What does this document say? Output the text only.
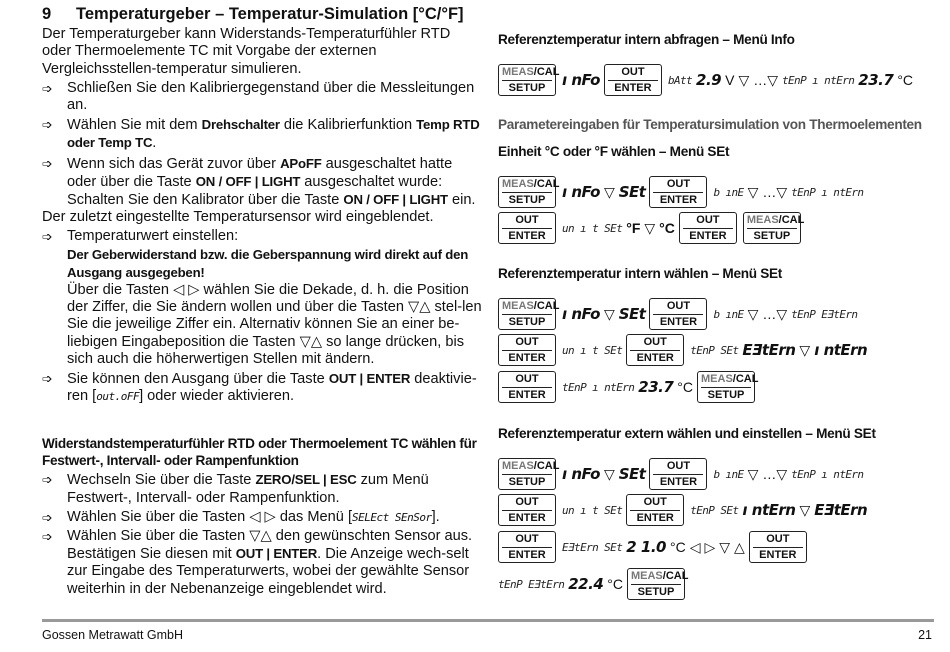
9 Temperaturgeber – Temperatur-Simulation [°C/°F]
Der Temperaturgeber kann Widerstands-Temperaturfühler RTD oder Thermoelemente TC mit Vorgabe der externen Vergleichsstellen-temperatur simulieren.
➩ Schließen Sie den Kalibriergegenstand über die Messleitungen an.
➩ Wählen Sie mit dem Drehschalter die Kalibrierfunktion Temp RTD oder Temp TC.
➩ Wenn sich das Gerät zuvor über APoFF ausgeschaltet hatte oder über die Taste ON / OFF | LIGHT ausgeschaltet wurde: Schalten Sie den Kalibrator über die Taste ON / OFF | LIGHT ein.
Der zuletzt eingestellte Temperatursensor wird eingeblendet.
➩ Temperaturwert einstellen:
Der Geberwiderstand bzw. die Geberspannung wird direkt auf den Ausgang ausgegeben!
Über die Tasten ◁ ▷ wählen Sie die Dekade, d. h. die Position der Ziffer, die Sie ändern wollen und über die Tasten ▽△ stel-len Sie die jeweilige Ziffer ein. Alternativ können Sie an einer be-liebigen Eingabeposition die Tasten ▽△ so lange drücken, bis sich auch die höherwertigen Stellen mit ändern.
➩ Sie können den Ausgang über die Taste OUT | ENTER deaktivie-ren [out.oFF] oder wieder aktivieren.
Widerstandstemperaturfühler RTD oder Thermoelement TC wählen für Festwert-, Intervall- oder Rampenfunktion
➩ Wechseln Sie über die Taste ZERO/SEL | ESC zum Menü Festwert-, Intervall- oder Rampenfunktion.
➩ Wählen Sie über die Tasten ◁ ▷ das Menü [SELEct SEnSor].
➩ Wählen Sie über die Tasten ▽△ den gewünschten Sensor aus. Bestätigen Sie diesen mit OUT | ENTER. Die Anzeige wech-selt zur Eingabe des Temperaturwerts, wobei der gewählte Sensor weiterhin in der Nebenanzeige eingeblendet wird.
Referenztemperatur intern abfragen – Menü Info
MEAS/CAL
SETUP	ı nFo	OUT
ENTER
bAtt 2.9 V ▽ …▽ tEnP ı ntErn 23.7 °C
Parametereingaben für Temperatursimulation von Thermoelementen
Einheit °C oder °F wählen – Menü SEt
MEAS/CAL
SETUP	ı nFo ▽ SEt	OUT
ENTER
b ınE ▽ …▽ tEnP ı ntErn
OUT
ENTER
un ı t SEt °F ▽ °C	OUT
ENTER
MEAS/CAL
SETUP
Referenztemperatur intern wählen – Menü SEt
MEAS/CAL
SETUP	ı nFo ▽ SEt	OUT
ENTER
b ınE ▽ …▽ tEnP EƎtErn
OUT
ENTER
un ı t SEt
OUT
ENTER
tEnP SEt EƎtErn ▽ ı ntErn
OUT
ENTER
tEnP ı ntErn 23.7 °C MEAS/CAL
SETUP
Referenztemperatur extern wählen und einstellen – Menü SEt
MEAS/CAL
SETUP	ı nFo ▽ SEt	OUT
ENTER
b ınE ▽ …▽ tEnP ı ntErn
OUT
ENTER
un ı t SEt
OUT
ENTER
tEnP SEt ı ntErn ▽ EƎtErn
OUT
ENTER
EƎtErn SEt 2 1.0 °C ◁ ▷ ▽ △	OUT
ENTER
tEnP EƎtErn 22.4 °C MEAS/CAL
SETUP
Gossen Metrawatt GmbH	21
